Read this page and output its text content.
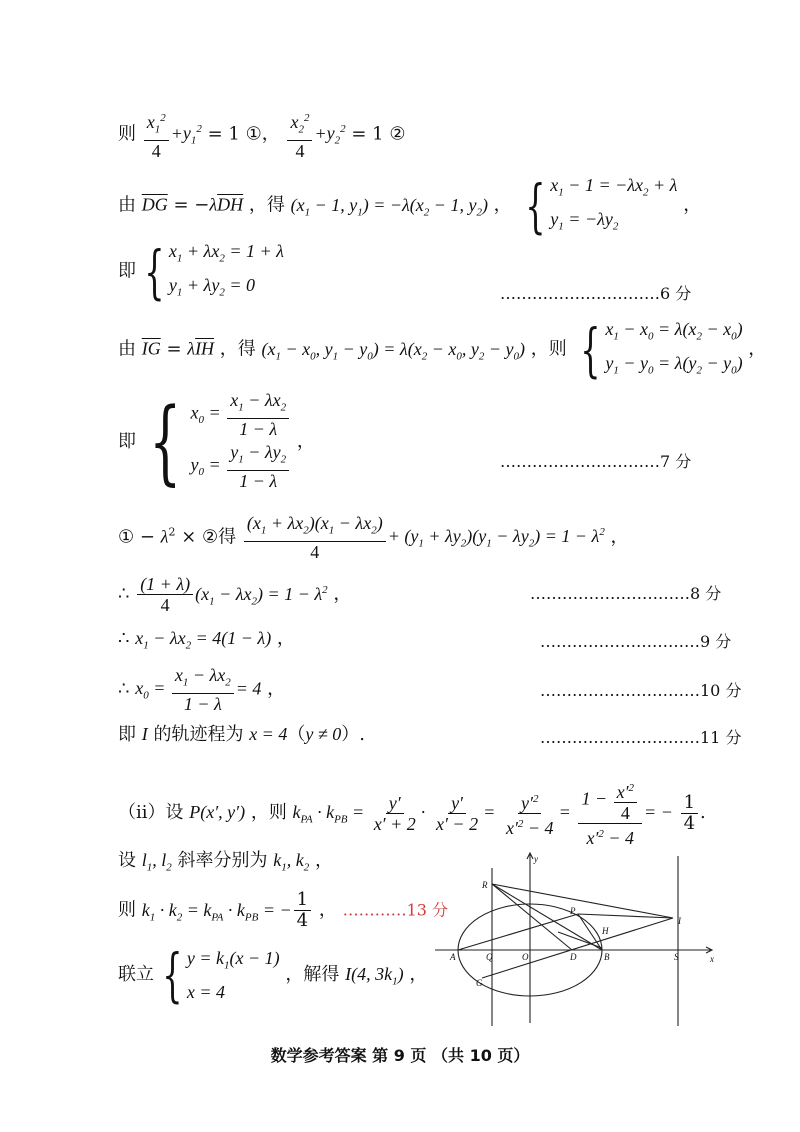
则 $\frac{x_1^2}{4} +y_1^2 = 1$ ①， $\frac{x_2^2}{4} +y_2^2 = 1$ ②
由 $\overline{DG} = -\lambda\overline{DH}$ ，得 ($x_1 - 1$, $y_1) = -\lambda(x_2 - 1$, $y_2$) ， { $x_1 - 1 = -\lambda x_2 + \lambda$
$y_1 = -\lambda y_2$
，
即 { $x_1 + \lambda x_2 = 1 + \lambda$
$y_1 + \lambda y_2 = 0$	…………………………6 分
由 $\overline{IG} = \lambda\overline{IH}$ ，得 ($x_1 - x_0$, $y_1 - y_0) = \lambda(x_2 - x_0$, $y_2 - y_0$) ，则 { $x_1 - x_0 = \lambda(x_2 - x_0)$
$y_1 - y_0 = \lambda(y_2 - y_0)$
，
即 { $x_0 = \frac{x_1 - \lambda x_2}{1 - \lambda}$
$y_0 = \frac{y_1 - \lambda y_2}{1 - \lambda}$
，
…………………………7 分
① − $\lambda^2$ × ②得 $\frac{(x_1 + \lambda x_2)(x_1 - \lambda x_2)}{4} + (y_1 + \lambda y_2)(y_1 - \lambda y_2) = 1 - \lambda^2$ ，
∴ $\frac{(1 + \lambda)}{4} (x_1 - \lambda x_2) = 1 - \lambda^2$ ，	…………………………8 分
∴ $x_1 - \lambda x_2 = 4(1 - \lambda)$ ，	…………………………9 分
∴ $x_0 = \frac{x_1 - \lambda x_2}{1 - \lambda} = 4$ ，	…………………………10 分
即 I 的轨迹程为 x = 4（y ≠ 0）.	…………………………11 分
（ii）设 P(x′, y′) ，则 $k_{PA} \cdot k_{PB} = \frac{y'}{x' + 2} \cdot \frac{y'}{x' - 2} = \frac{y'^2}{x'^2 - 4} = \frac{1 - \frac{x'^2}{4}}{x'^2 - 4}$ = − $\frac{1}{4}$ .
设 $l_1$, $l_2$ 斜率分别为 $k_1$, $k_2$ ，
则 $k_1 \cdot k_2 = k_{PA} \cdot k_{PB}$ = − $\frac{1}{4}$ ， …………13 分
联立 { $y = k_1(x - 1)$
x = 4
，解得 I(4, $3k_1$) ，
y
x
R
P
H
I
A	Q	O	D	B	S
G
数学参考答案 第 9 页 （共 10 页）
